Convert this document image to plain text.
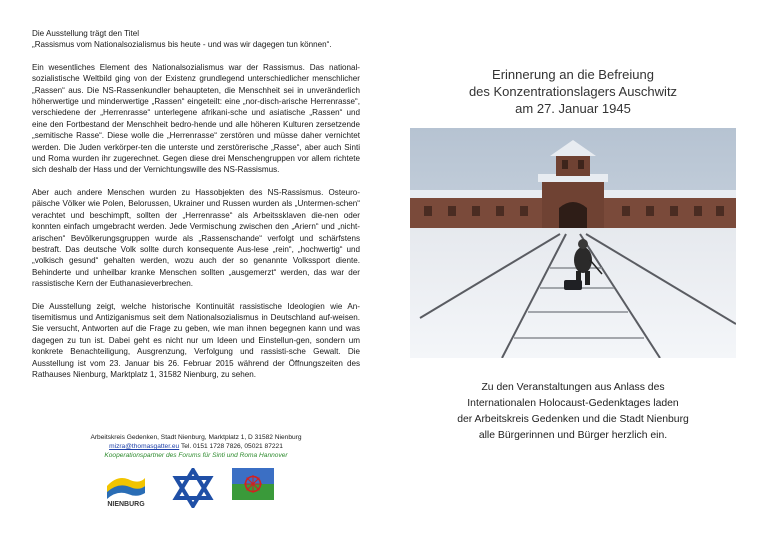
Die Ausstellung trägt den Titel

„Rassismus vom Nationalsozialismus bis heute - und was wir dagegen tun können“.

Ein wesentliches Element des Nationalsozialismus war der Rassismus. Das national-sozialistische Weltbild ging von der Existenz grundlegend unterschiedlicher menschlicher „Rassen“ aus. Die NS-Rassenkundler behaupteten, die Menschheit sei in unveränderlich höherwertige und minderwertige „Rassen“ eingeteilt: eine „nor-disch-arische Herrenrasse“, verschiedene der „Herrenrasse“ unterlegene afrikani-sche und asiatische „Rassen“ und eine den Fortbestand der Menschheit bedro-hende und alle höheren Kulturen zersetzende „semitische Rasse“. Diese wolle die „Herrenrasse“ zerstören und müsse daher vernichtet werden. Die Juden verkörper-ten die unterste und zerstörerische „Rasse“, aber auch Sinti und Roma wurden ihr zugerechnet. Gegen diese drei Menschengruppen vor allem richtete sich deshalb der Hass und der Vernichtungswille des NS-Rassismus.

Aber auch andere Menschen wurden zu Hassobjekten des NS-Rassismus. Osteuro-päische Völker wie Polen, Belorussen, Ukrainer und Russen wurden als „Untermen-schen“ verachtet und beschimpft, sollten der „Herrenrasse“ als Arbeitssklaven die-nen oder konnten einfach umgebracht werden. Jede Vermischung zwischen den „Ariern“ und „nicht-arischen“ Bevölkerungsgruppen wurde als „Rassenschande“ verfolgt und schärfstens bestraft. Das deutsche Volk sollte durch konsequente Aus-lese „rein“, „hochwertig“ und „volkisch gesund“ gehalten werden, wozu auch der so genannte Volkssport diente. Behinderte und unheilbar kranke Menschen sollten „ausgemerzt“ werden, das war der rassistische Kern der Euthanasieverbrechen.

Die Ausstellung zeigt, welche historische Kontinuität rassistische Ideologien wie An-tisemitismus und Antiziganismus seit dem Nationalsozialismus in Deutschland auf-weisen. Sie versucht, Antworten auf die Frage zu geben, wie man ihnen begegnen kann und was dagegen zu tun ist. Dabei geht es nicht nur um Ideen und Einstellun-gen, sondern um konkrete Benachteiligung, Ausgrenzung, Verfolgung und rassisti-sche Gewalt. Die Ausstellung ist vom 23. Januar bis 26. Februar 2015 während der Öffnungszeiten des Rathauses Nienburg, Marktplatz 1, 31582 Nienburg, zu sehen.

Arbeitskreis Gedenken, Stadt Nienburg, Marktplatz 1, D 31582 Nienburg
mizra@thomasgatter.eu Tel. 0151 1728 7826, 05021 87221
Kooperationspartner des Forums für Sinti und Roma Hannover
NIENBURG
Erinnerung an die Befreiung
des Konzentrationslagers Auschwitz
am 27. Januar 1945
Zu den Veranstaltungen aus Anlass des
Internationalen Holocaust-Gedenktages laden
der Arbeitskreis Gedenken und die Stadt Nienburg
alle Bürgerinnen und Bürger herzlich ein.
